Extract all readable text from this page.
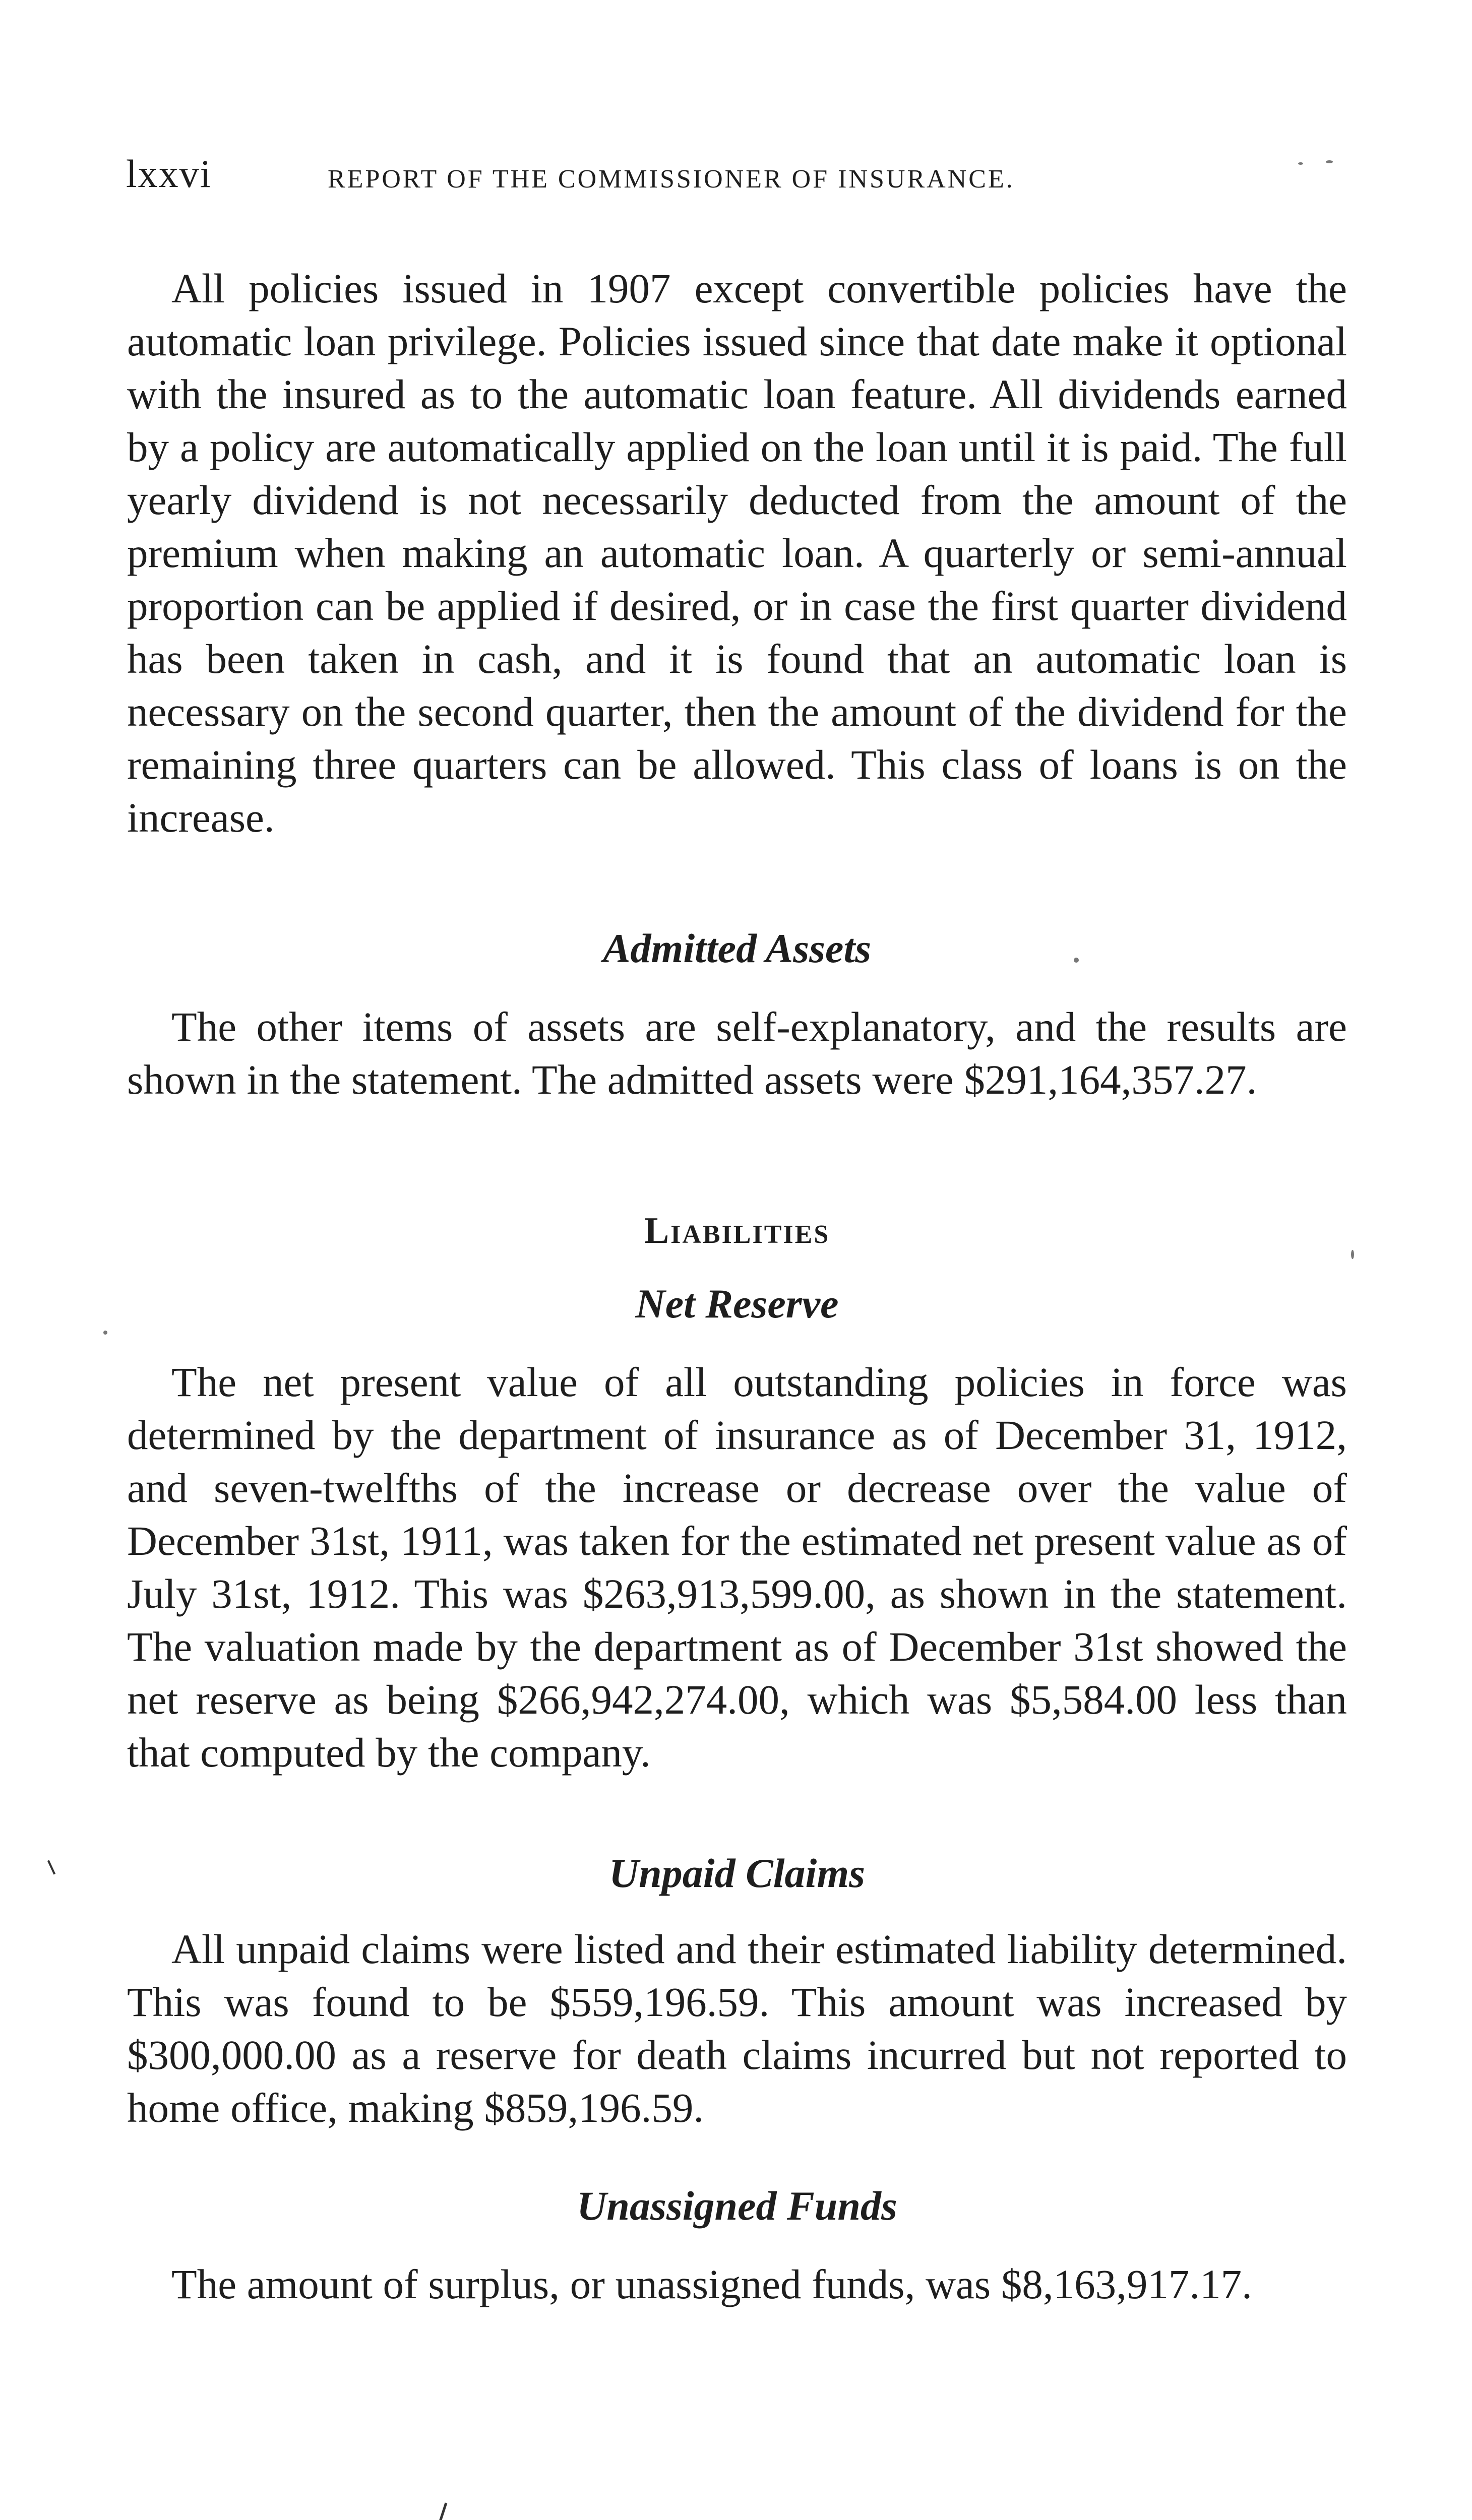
lxxvi	REPORT OF THE COMMISSIONER OF INSURANCE.

All policies issued in 1907 except convertible policies have the automatic loan privilege. Policies issued since that date make it optional with the insured as to the automatic loan feature. All dividends earned by a policy are automatically applied on the loan until it is paid. The full yearly dividend is not necessarily deducted from the amount of the premium when making an automatic loan. A quarterly or semi-annual proportion can be applied if desired, or in case the first quarter dividend has been taken in cash, and it is found that an automatic loan is necessary on the second quarter, then the amount of the dividend for the remaining three quarters can be allowed. This class of loans is on the increase.

Admitted Assets

The other items of assets are self-explanatory, and the results are shown in the statement. The admitted assets were $291,164,357.27.

Liabilities
Net Reserve

The net present value of all outstanding policies in force was determined by the department of insurance as of December 31, 1912, and seven-twelfths of the increase or decrease over the value of December 31st, 1911, was taken for the estimated net present value as of July 31st, 1912. This was $263,913,599.00, as shown in the statement. The valuation made by the department as of December 31st showed the net reserve as being $266,942,274.00, which was $5,584.00 less than that computed by the company.

Unpaid Claims

All unpaid claims were listed and their estimated liability determined. This was found to be $559,196.59. This amount was increased by $300,000.00 as a reserve for death claims incurred but not reported to home office, making $859,196.59.

Unassigned Funds

The amount of surplus, or unassigned funds, was $8,163,917.17.
